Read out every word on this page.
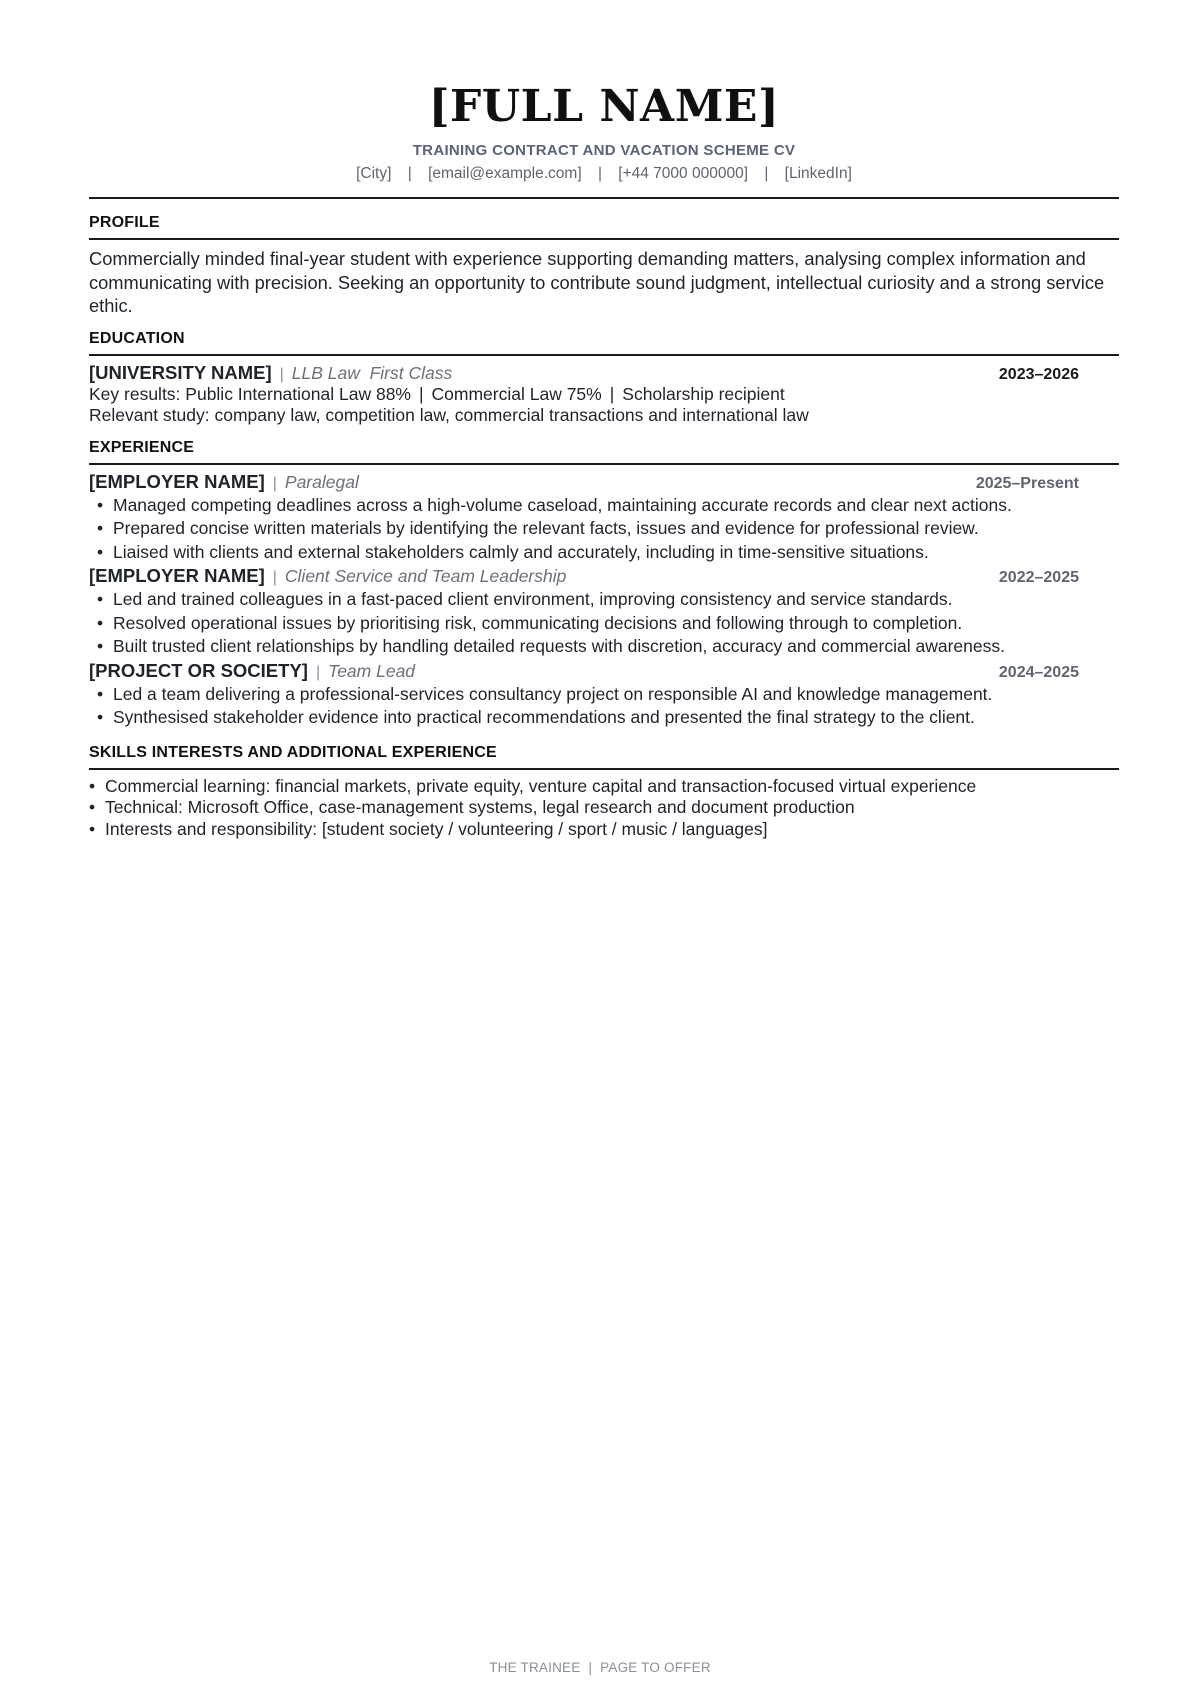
[FULL NAME]
TRAINING CONTRACT AND VACATION SCHEME CV
[City] | [email@example.com] | [+44 7000 000000] | [LinkedIn]
PROFILE
Commercially minded final-year student with experience supporting demanding matters, analysing complex information and communicating with precision. Seeking an opportunity to contribute sound judgment, intellectual curiosity and a strong service ethic.
EDUCATION
[UNIVERSITY NAME] | LLB Law  First Class	2023–2026
Key results: Public International Law 88% | Commercial Law 75% | Scholarship recipient
Relevant study: company law, competition law, commercial transactions and international law
EXPERIENCE
[EMPLOYER NAME] | Paralegal	2025–Present
• Managed competing deadlines across a high-volume caseload, maintaining accurate records and clear next actions.
• Prepared concise written materials by identifying the relevant facts, issues and evidence for professional review.
• Liaised with clients and external stakeholders calmly and accurately, including in time-sensitive situations.
[EMPLOYER NAME] | Client Service and Team Leadership	2022–2025
• Led and trained colleagues in a fast-paced client environment, improving consistency and service standards.
• Resolved operational issues by prioritising risk, communicating decisions and following through to completion.
• Built trusted client relationships by handling detailed requests with discretion, accuracy and commercial awareness.
[PROJECT OR SOCIETY] | Team Lead	2024–2025
• Led a team delivering a professional-services consultancy project on responsible AI and knowledge management.
• Synthesised stakeholder evidence into practical recommendations and presented the final strategy to the client.
SKILLS INTERESTS AND ADDITIONAL EXPERIENCE
• Commercial learning: financial markets, private equity, venture capital and transaction-focused virtual experience
• Technical: Microsoft Office, case-management systems, legal research and document production
• Interests and responsibility: [student society / volunteering / sport / music / languages]
THE TRAINEE | PAGE TO OFFER
